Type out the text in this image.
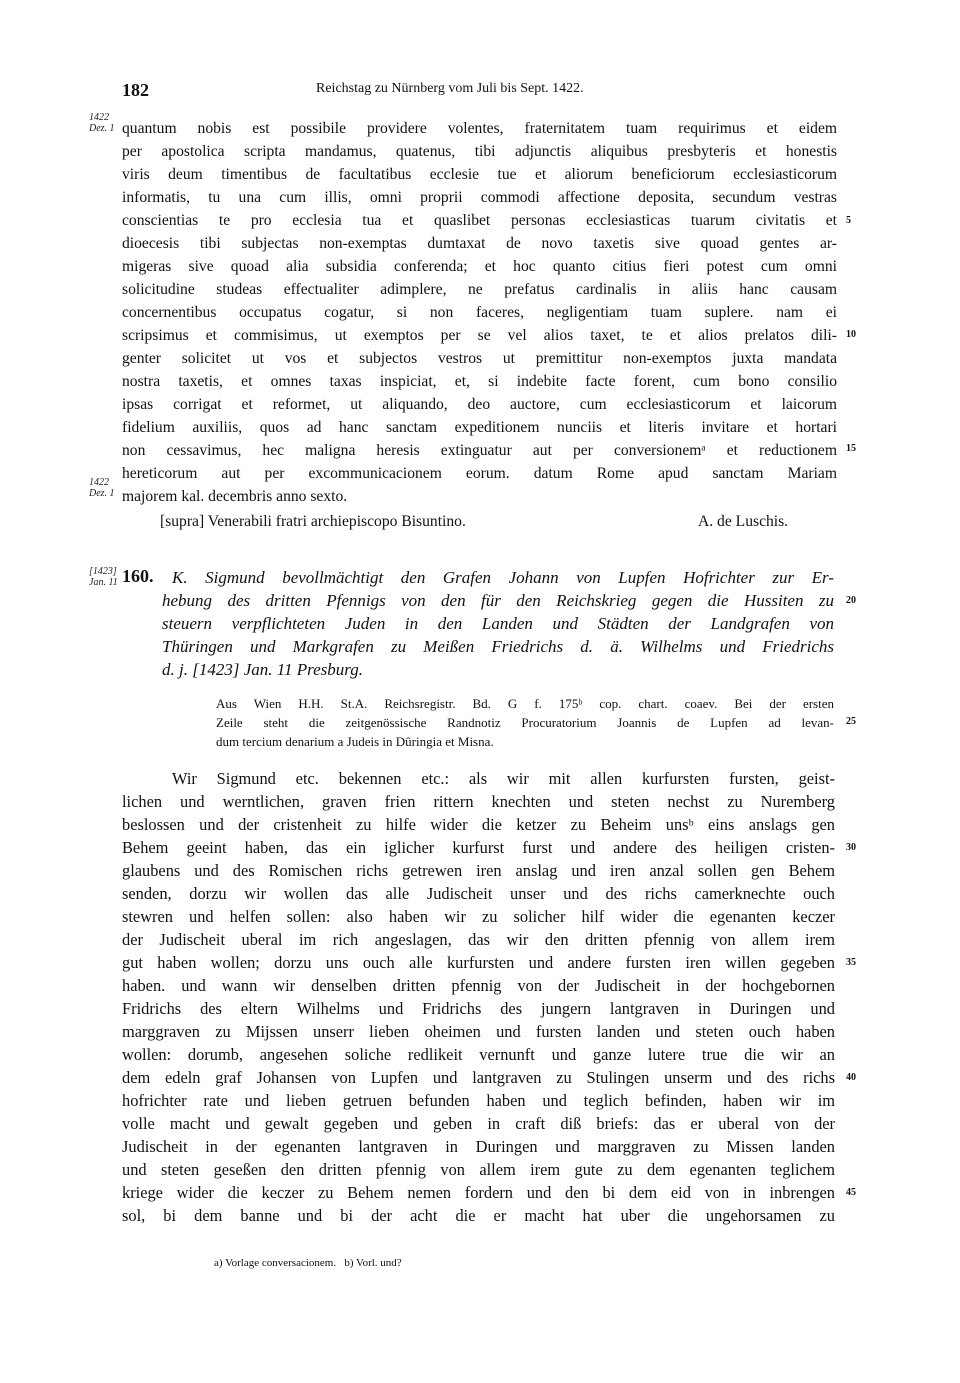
182	Reichstag zu Nürnberg vom Juli bis Sept. 1422.
1422
Dez. 1
1422
Dez. 1
[1423]
Jan. 11
5
10
15
20
25
30
35
40
45
quantum nobis est possibile providere volentes, fraternitatem tuam requirimus et eidem
per apostolica scripta mandamus, quatenus, tibi adjunctis aliquibus presbyteris et honestis
viris deum timentibus de facultatibus ecclesie tue et aliorum beneficiorum ecclesiasticorum
informatis, tu una cum illis, omni proprii commodi affectione deposita, secundum vestras
conscientias te pro ecclesia tua et quaslibet personas ecclesiasticas tuarum civitatis et
dioecesis tibi subjectas non-exemptas dumtaxat de novo taxetis sive quoad gentes ar-
migeras sive quoad alia subsidia conferenda; et hoc quanto citius fieri potest cum omni
solicitudine studeas effectualiter adimplere, ne prefatus cardinalis in aliis hanc causam
concernentibus occupatus cogatur, si non faceres, negligentiam tuam suplere. nam ei
scripsimus et commisimus, ut exemptos per se vel alios taxet, te et alios prelatos dili-
genter solicitet ut vos et subjectos vestros ut premittitur non-exemptos juxta mandata
nostra taxetis, et omnes taxas inspiciat, et, si indebite facte forent, cum bono consilio
ipsas corrigat et reformet, ut aliquando, deo auctore, cum ecclesiasticorum et laicorum
fidelium auxiliis, quos ad hanc sanctam expeditionem nunciis et literis invitare et hortari
non cessavimus, hec maligna heresis extinguatur aut per conversionemᵃ et reductionem
hereticorum aut per excommunicacionem eorum. datum Rome apud sanctam Mariam
majorem kal. decembris anno sexto.
[supra] Venerabili fratri archiepiscopo Bisuntino.	A. de Luschis.
160. K. Sigmund bevollmächtigt den Grafen Johann von Lupfen Hofrichter zur Er-
hebung des dritten Pfennigs von den für den Reichskrieg gegen die Hussiten zu
steuern verpflichteten Juden in den Landen und Städten der Landgrafen von
Thüringen und Markgrafen zu Meißen Friedrichs d. ä. Wilhelms und Friedrichs
d. j. [1423] Jan. 11 Presburg.
Aus Wien H.H. St.A. Reichsregistr. Bd. G f. 175ᵇ cop. chart. coaev. Bei der ersten
Zeile steht die zeitgenössische Randnotiz Procuratorium Joannis de Lupfen ad levan-
dum tercium denarium a Judeis in Dûringia et Misna.
Wir Sigmund etc. bekennen etc.: als wir mit allen kurfursten fursten, geist-
lichen und werntlichen, graven frien rittern knechten und steten nechst zu Nuremberg
beslossen und der cristenheit zu hilfe wider die ketzer zu Beheim unsᵇ eins anslags gen
Behem geeint haben, das ein iglicher kurfurst furst und andere des heiligen cristen-
glaubens und des Romischen richs getrewen iren anslag und iren anzal sollen gen Behem
senden, dorzu wir wollen das alle Judischeit unser und des richs camerknechte ouch
stewren und helfen sollen: also haben wir zu solicher hilf wider die egenanten keczer
der Judischeit uberal im rich angeslagen, das wir den dritten pfennig von allem irem
gut haben wollen; dorzu uns ouch alle kurfursten und andere fursten iren willen gegeben
haben. und wann wir denselben dritten pfennig von der Judischeit in der hochgebornen
Fridrichs des eltern Wilhelms und Fridrichs des jungern lantgraven in Duringen und
marggraven zu Mijssen unserr lieben oheimen und fursten landen und steten ouch haben
wollen: dorumb, angesehen soliche redlikeit vernunft und ganze lutere true die wir an
dem edeln graf Johansen von Lupfen und lantgraven zu Stulingen unserm und des richs
hofrichter rate und lieben getruen befunden haben und teglich befinden, haben wir im
volle macht und gewalt gegeben und geben in craft diß briefs: das er uberal von der
Judischeit in der egenanten lantgraven in Duringen und marggraven zu Missen landen
und steten geseßen den dritten pfennig von allem irem gute zu dem egenanten teglichem
kriege wider die keczer zu Behem nemen fordern und den bi dem eid von in inbrengen
sol, bi dem banne und bi der acht die er macht hat uber die ungehorsamen zu
a) Vorlage conversacionem.   b) Vorl. und?
